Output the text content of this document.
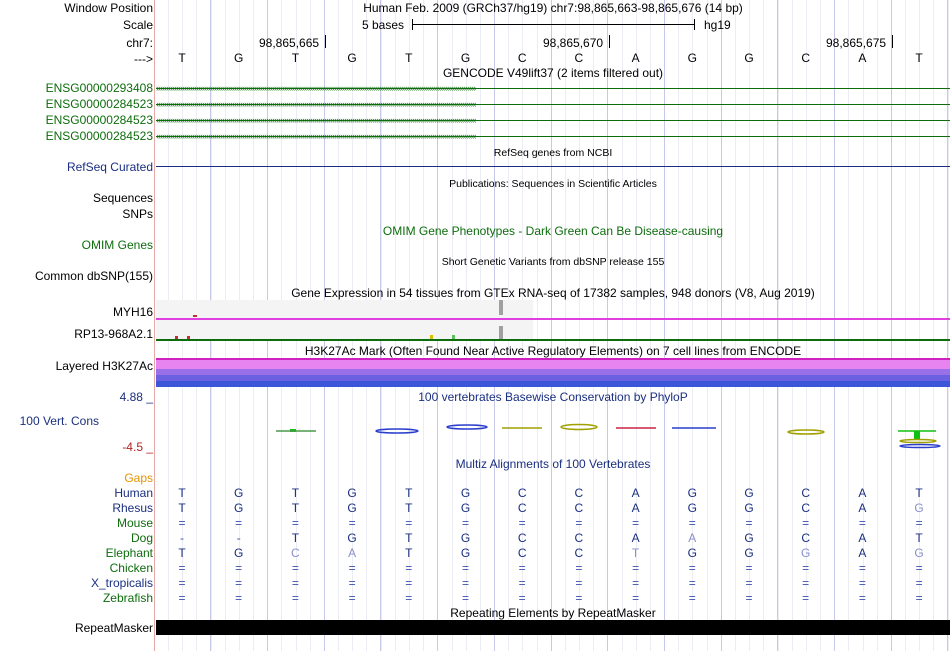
Window Position	Human Feb. 2009 (GRCh37/hg19) chr7:98,865,663-98,865,676 (14 bp)
Scale	5 bases	hg19
chr7:	98,865,665	98,865,670	98,865,675
--->	T	G	T	G	T	G	C	C	A	G	G	C	A	T
GENCODE V49lift37 (2 items filtered out)
ENSG00000293408 ››››››››››››››››››››››››››››››››››››››››››››››››››››››››››››››››››››››››››››››››››››››››››››››››››››››››››››››››››››››››››››››››››››››››››››››››››››››››››››››››
ENSG00000284523 ‹‹‹‹‹‹‹‹‹‹‹‹‹‹‹‹‹‹‹‹‹‹‹‹‹‹‹‹‹‹‹‹‹‹‹‹‹‹‹‹‹‹‹‹‹‹‹‹‹‹‹‹‹‹‹‹‹‹‹‹‹‹‹‹‹‹‹‹‹‹‹‹‹‹‹‹‹‹‹‹‹‹‹‹‹‹‹‹‹‹‹‹‹‹‹‹‹‹‹‹‹‹‹‹‹‹‹‹‹‹‹‹‹‹‹‹‹‹‹‹‹‹‹‹‹‹‹‹‹‹‹‹‹‹‹‹‹‹‹‹‹‹‹‹‹‹‹‹‹‹‹‹‹‹‹‹‹‹‹‹
ENSG00000284523 ‹‹‹‹‹‹‹‹‹‹‹‹‹‹‹‹‹‹‹‹‹‹‹‹‹‹‹‹‹‹‹‹‹‹‹‹‹‹‹‹‹‹‹‹‹‹‹‹‹‹‹‹‹‹‹‹‹‹‹‹‹‹‹‹‹‹‹‹‹‹‹‹‹‹‹‹‹‹‹‹‹‹‹‹‹‹‹‹‹‹‹‹‹‹‹‹‹‹‹‹‹‹‹‹‹‹‹‹‹‹‹‹‹‹‹‹‹‹‹‹‹‹‹‹‹‹‹‹‹‹‹‹‹‹‹‹‹‹‹‹‹‹‹‹‹‹‹‹‹‹‹‹‹‹‹‹‹‹‹‹
ENSG00000284523 ‹‹‹‹‹‹‹‹‹‹‹‹‹‹‹‹‹‹‹‹‹‹‹‹‹‹‹‹‹‹‹‹‹‹‹‹‹‹‹‹‹‹‹‹‹‹‹‹‹‹‹‹‹‹‹‹‹‹‹‹‹‹‹‹‹‹‹‹‹‹‹‹‹‹‹‹‹‹‹‹‹‹‹‹‹‹‹‹‹‹‹‹‹‹‹‹‹‹‹‹‹‹‹‹‹‹‹‹‹‹‹‹‹‹‹‹‹‹‹‹‹‹‹‹‹‹‹‹‹‹‹‹‹‹‹‹‹‹‹‹‹‹‹‹‹‹‹‹‹‹‹‹‹‹‹‹‹‹‹‹
RefSeq genes from NCBI
RefSeq Curated
Publications: Sequences in Scientific Articles
Sequences
SNPs
OMIM Gene Phenotypes - Dark Green Can Be Disease-causing
OMIM Genes
Short Genetic Variants from dbSNP release 155
Common dbSNP(155)
Gene Expression in 54 tissues from GTEx RNA-seq of 17382 samples, 948 donors (V8, Aug 2019)
MYH16
RP13-968A2.1
H3K27Ac Mark (Often Found Near Active Regulatory Elements) on 7 cell lines from ENCODE
Layered H3K27Ac
100 vertebrates Basewise Conservation by PhyloP
4.88 _
100 Vert. Cons
-4.5 _
Multiz Alignments of 100 Vertebrates
Gaps
Human	T	G	T	G	T	G	C	C	A	G	G	C	A	T
Rhesus	T	G	T	G	T	G	C	C	A	G	G	C	A	G
Mouse	=	=	=	=	=	=	=	=	=	=	=	=	=	=
Dog	-	-	T	G	T	G	C	C	A	A	G	C	A	T
Elephant	T	G	C	A	T	G	C	C	T	G	G	G	A	G
Chicken	=	=	=	=	=	=	=	=	=	=	=	=	=	=
X_tropicalis	=	=	=	=	=	=	=	=	=	=	=	=	=	=
Zebrafish	=	=	=	=	=	=	=	=	=	=	=	=	=	=
Repeating Elements by RepeatMasker
RepeatMasker
